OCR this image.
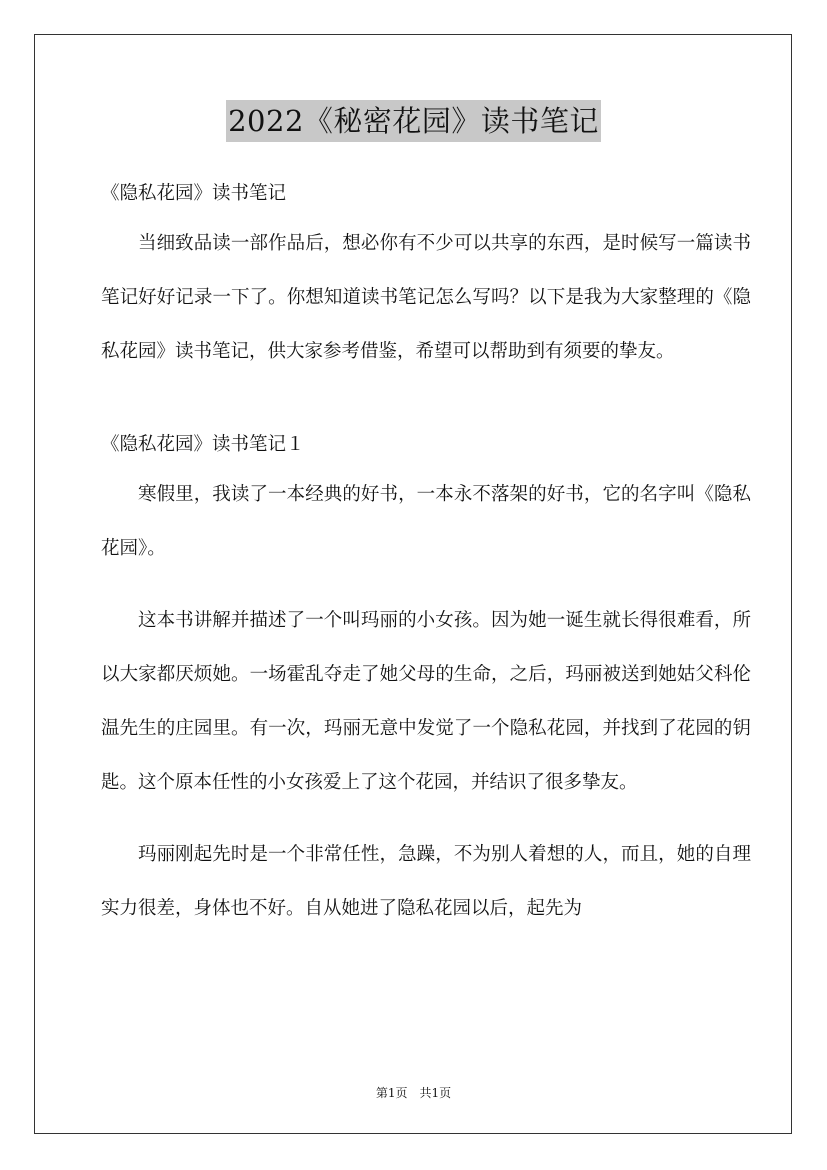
2022《秘密花园》读书笔记

《隐私花园》读书笔记

当细致品读一部作品后，想必你有不少可以共享的东西，是时候写一篇读书笔记好好记录一下了。你想知道读书笔记怎么写吗？以下是我为大家整理的《隐私花园》读书笔记，供大家参考借鉴，希望可以帮助到有须要的挚友。

《隐私花园》读书笔记１

寒假里，我读了一本经典的好书，一本永不落架的好书，它的名字叫《隐私花园》。

这本书讲解并描述了一个叫玛丽的小女孩。因为她一诞生就长得很难看，所以大家都厌烦她。一场霍乱夺走了她父母的生命，之后，玛丽被送到她姑父科伦温先生的庄园里。有一次，玛丽无意中发觉了一个隐私花园，并找到了花园的钥匙。这个原本任性的小女孩爱上了这个花园，并结识了很多挚友。

玛丽刚起先时是一个非常任性，急躁，不为别人着想的人，而且，她的自理实力很差，身体也不好。自从她进了隐私花园以后，起先为

第1页　共1页
